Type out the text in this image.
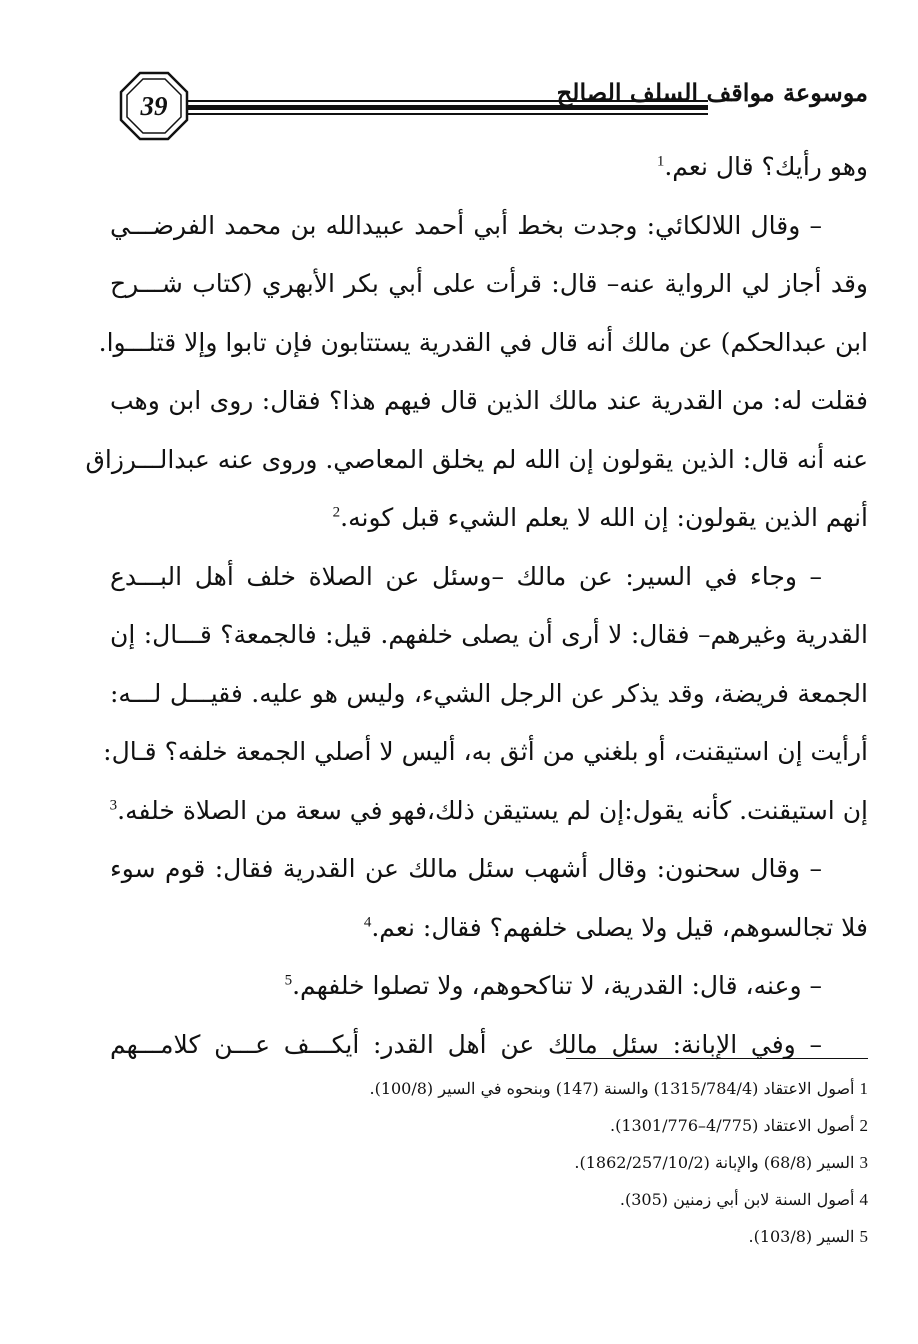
39	موسوعة مواقف السلف الصالح
وهو رأيك؟ قال نعم.$^1$
– وقال اللالكائي: وجدت بخط أبي أحمد عبيدالله بن محمد الفرضـــي
وقد أجاز لي الرواية عنه– قال: قرأت على أبي بكر الأبهري (كتاب شـــرح
ابن عبدالحكم) عن مالك أنه قال في القدرية يستتابون فإن تابوا وإلا قتلـــوا.
فقلت له: من القدرية عند مالك الذين قال فيهم هذا؟ فقال: روى ابن وهب
عنه أنه قال: الذين يقولون إن الله لم يخلق المعاصي. وروى عنه عبدالـــرزاق
أنهم الذين يقولون: إن الله لا يعلم الشيء قبل كونه.$^2$
– وجاء في السير: عن مالك –وسئل عن الصلاة خلف أهل البـــدع
القدرية وغيرهم– فقال: لا أرى أن يصلى خلفهم. قيل: فالجمعة؟ قـــال: إن
الجمعة فريضة، وقد يذكر عن الرجل الشيء، وليس هو عليه. فقيـــل لـــه:
أرأيت إن استيقنت، أو بلغني من أثق به، أليس لا أصلي الجمعة خلفه؟ قـال:
إن استيقنت. كأنه يقول:إن لم يستيقن ذلك،فهو في سعة من الصلاة خلفه.$^3$
– وقال سحنون: وقال أشهب سئل مالك عن القدرية فقال: قوم سوء
فلا تجالسوهم، قيل ولا يصلى خلفهم؟ فقال: نعم.$^4$
– وعنه، قال: القدرية، لا تناكحوهم، ولا تصلوا خلفهم.$^5$
– وفي الإبانة: سئل مالك عن أهل القدر: أيكـــف عـــن كلامـــهم
1أصول الاعتقاد (1315/784/4) والسنة (147) وبنحوه في السير (100/8).
2أصول الاعتقاد (4/775–1301/776).
3السير (68/8) والإبانة (1862/257/10/2).
4أصول السنة لابن أبي زمنين (305).
5السير (103/8).
